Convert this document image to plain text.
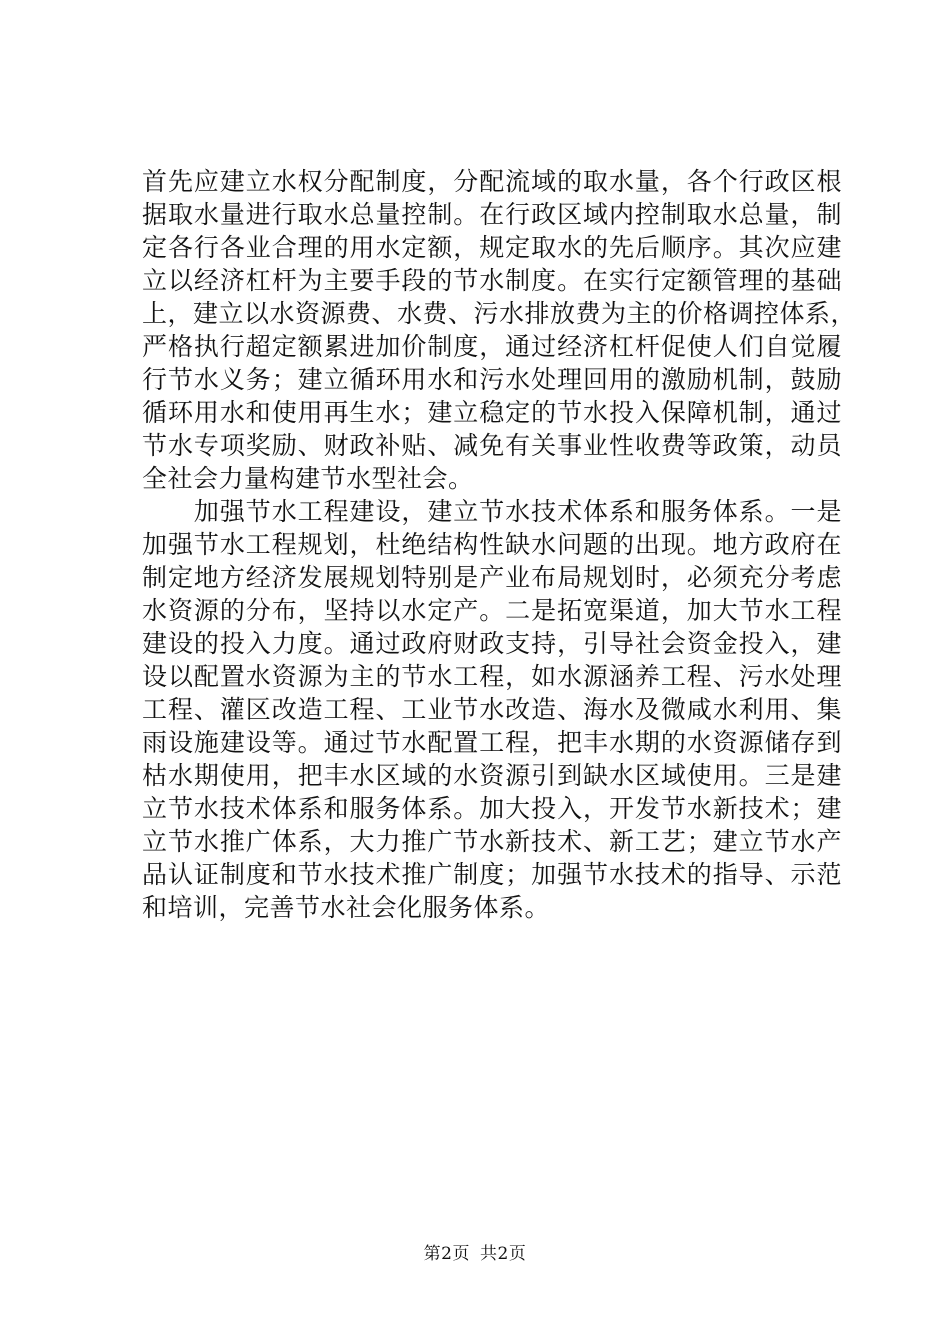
首先应建立水权分配制度，分配流域的取水量，各个行政区根
据取水量进行取水总量控制。在行政区域内控制取水总量，制
定各行各业合理的用水定额，规定取水的先后顺序。其次应建
立以经济杠杆为主要手段的节水制度。在实行定额管理的基础
上，建立以水资源费、水费、污水排放费为主的价格调控体系，
严格执行超定额累进加价制度，通过经济杠杆促使人们自觉履
行节水义务；建立循环用水和污水处理回用的激励机制，鼓励
循环用水和使用再生水；建立稳定的节水投入保障机制，通过
节水专项奖励、财政补贴、减免有关事业性收费等政策，动员
全社会力量构建节水型社会。
　　加强节水工程建设，建立节水技术体系和服务体系。一是
加强节水工程规划，杜绝结构性缺水问题的出现。地方政府在
制定地方经济发展规划特别是产业布局规划时，必须充分考虑
水资源的分布，坚持以水定产。二是拓宽渠道，加大节水工程
建设的投入力度。通过政府财政支持，引导社会资金投入，建
设以配置水资源为主的节水工程，如水源涵养工程、污水处理
工程、灌区改造工程、工业节水改造、海水及微咸水利用、集
雨设施建设等。通过节水配置工程，把丰水期的水资源储存到
枯水期使用，把丰水区域的水资源引到缺水区域使用。三是建
立节水技术体系和服务体系。加大投入，开发节水新技术；建
立节水推广体系，大力推广节水新技术、新工艺；建立节水产
品认证制度和节水技术推广制度；加强节水技术的指导、示范
和培训，完善节水社会化服务体系。
第2页 共2页
